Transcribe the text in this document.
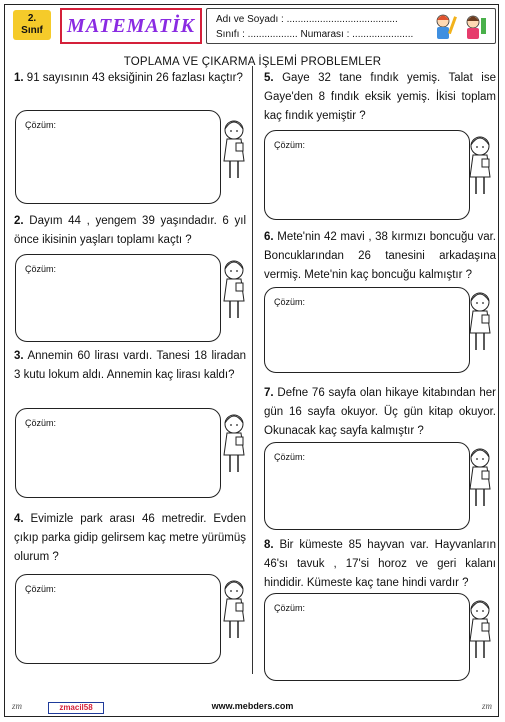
2.
Sınıf	MATEMATİK	Adı ve Soyadı : ........................................
Sınıfı : .................. Numarası : ......................
TOPLAMA VE ÇIKARMA İŞLEMİ PROBLEMLER
1. 91 sayısının 43 eksiğinin 26 fazlası kaçtır?
Çözüm:
2. Dayım 44 , yengem 39 yaşındadır. 6 yıl önce ikisinin yaşları toplamı kaçtı ?
Çözüm:
3. Annemin 60 lirası vardı. Tanesi 18 liradan 3 kutu lokum aldı. Annemin kaç lirası kaldı?
Çözüm:
4. Evimizle park arası 46 metredir. Evden çıkıp parka gidip gelirsem kaç metre yürümüş olurum ?
Çözüm:
5. Gaye 32 tane fındık yemiş. Talat ise Gaye'den 8 fındık eksik yemiş. İkisi toplam kaç fındık yemiştir ?
Çözüm:
6. Mete'nin 42 mavi , 38 kırmızı boncuğu var. Boncuklarından 26 tanesini arkadaşına vermiş. Mete'nin kaç boncuğu kalmıştır ?
Çözüm:
7. Defne 76 sayfa olan hikaye kitabından her gün 16 sayfa okuyor. Üç gün kitap okuyor. Okunacak kaç sayfa kalmıştır ?
Çözüm:
8. Bir kümeste 85 hayvan var. Hayvanların 46'sı tavuk , 17'si horoz ve geri kalanı hindidir. Kümeste kaç tane hindi vardır ?
Çözüm:
zm	zmacil58	www.mebders.com	zm
